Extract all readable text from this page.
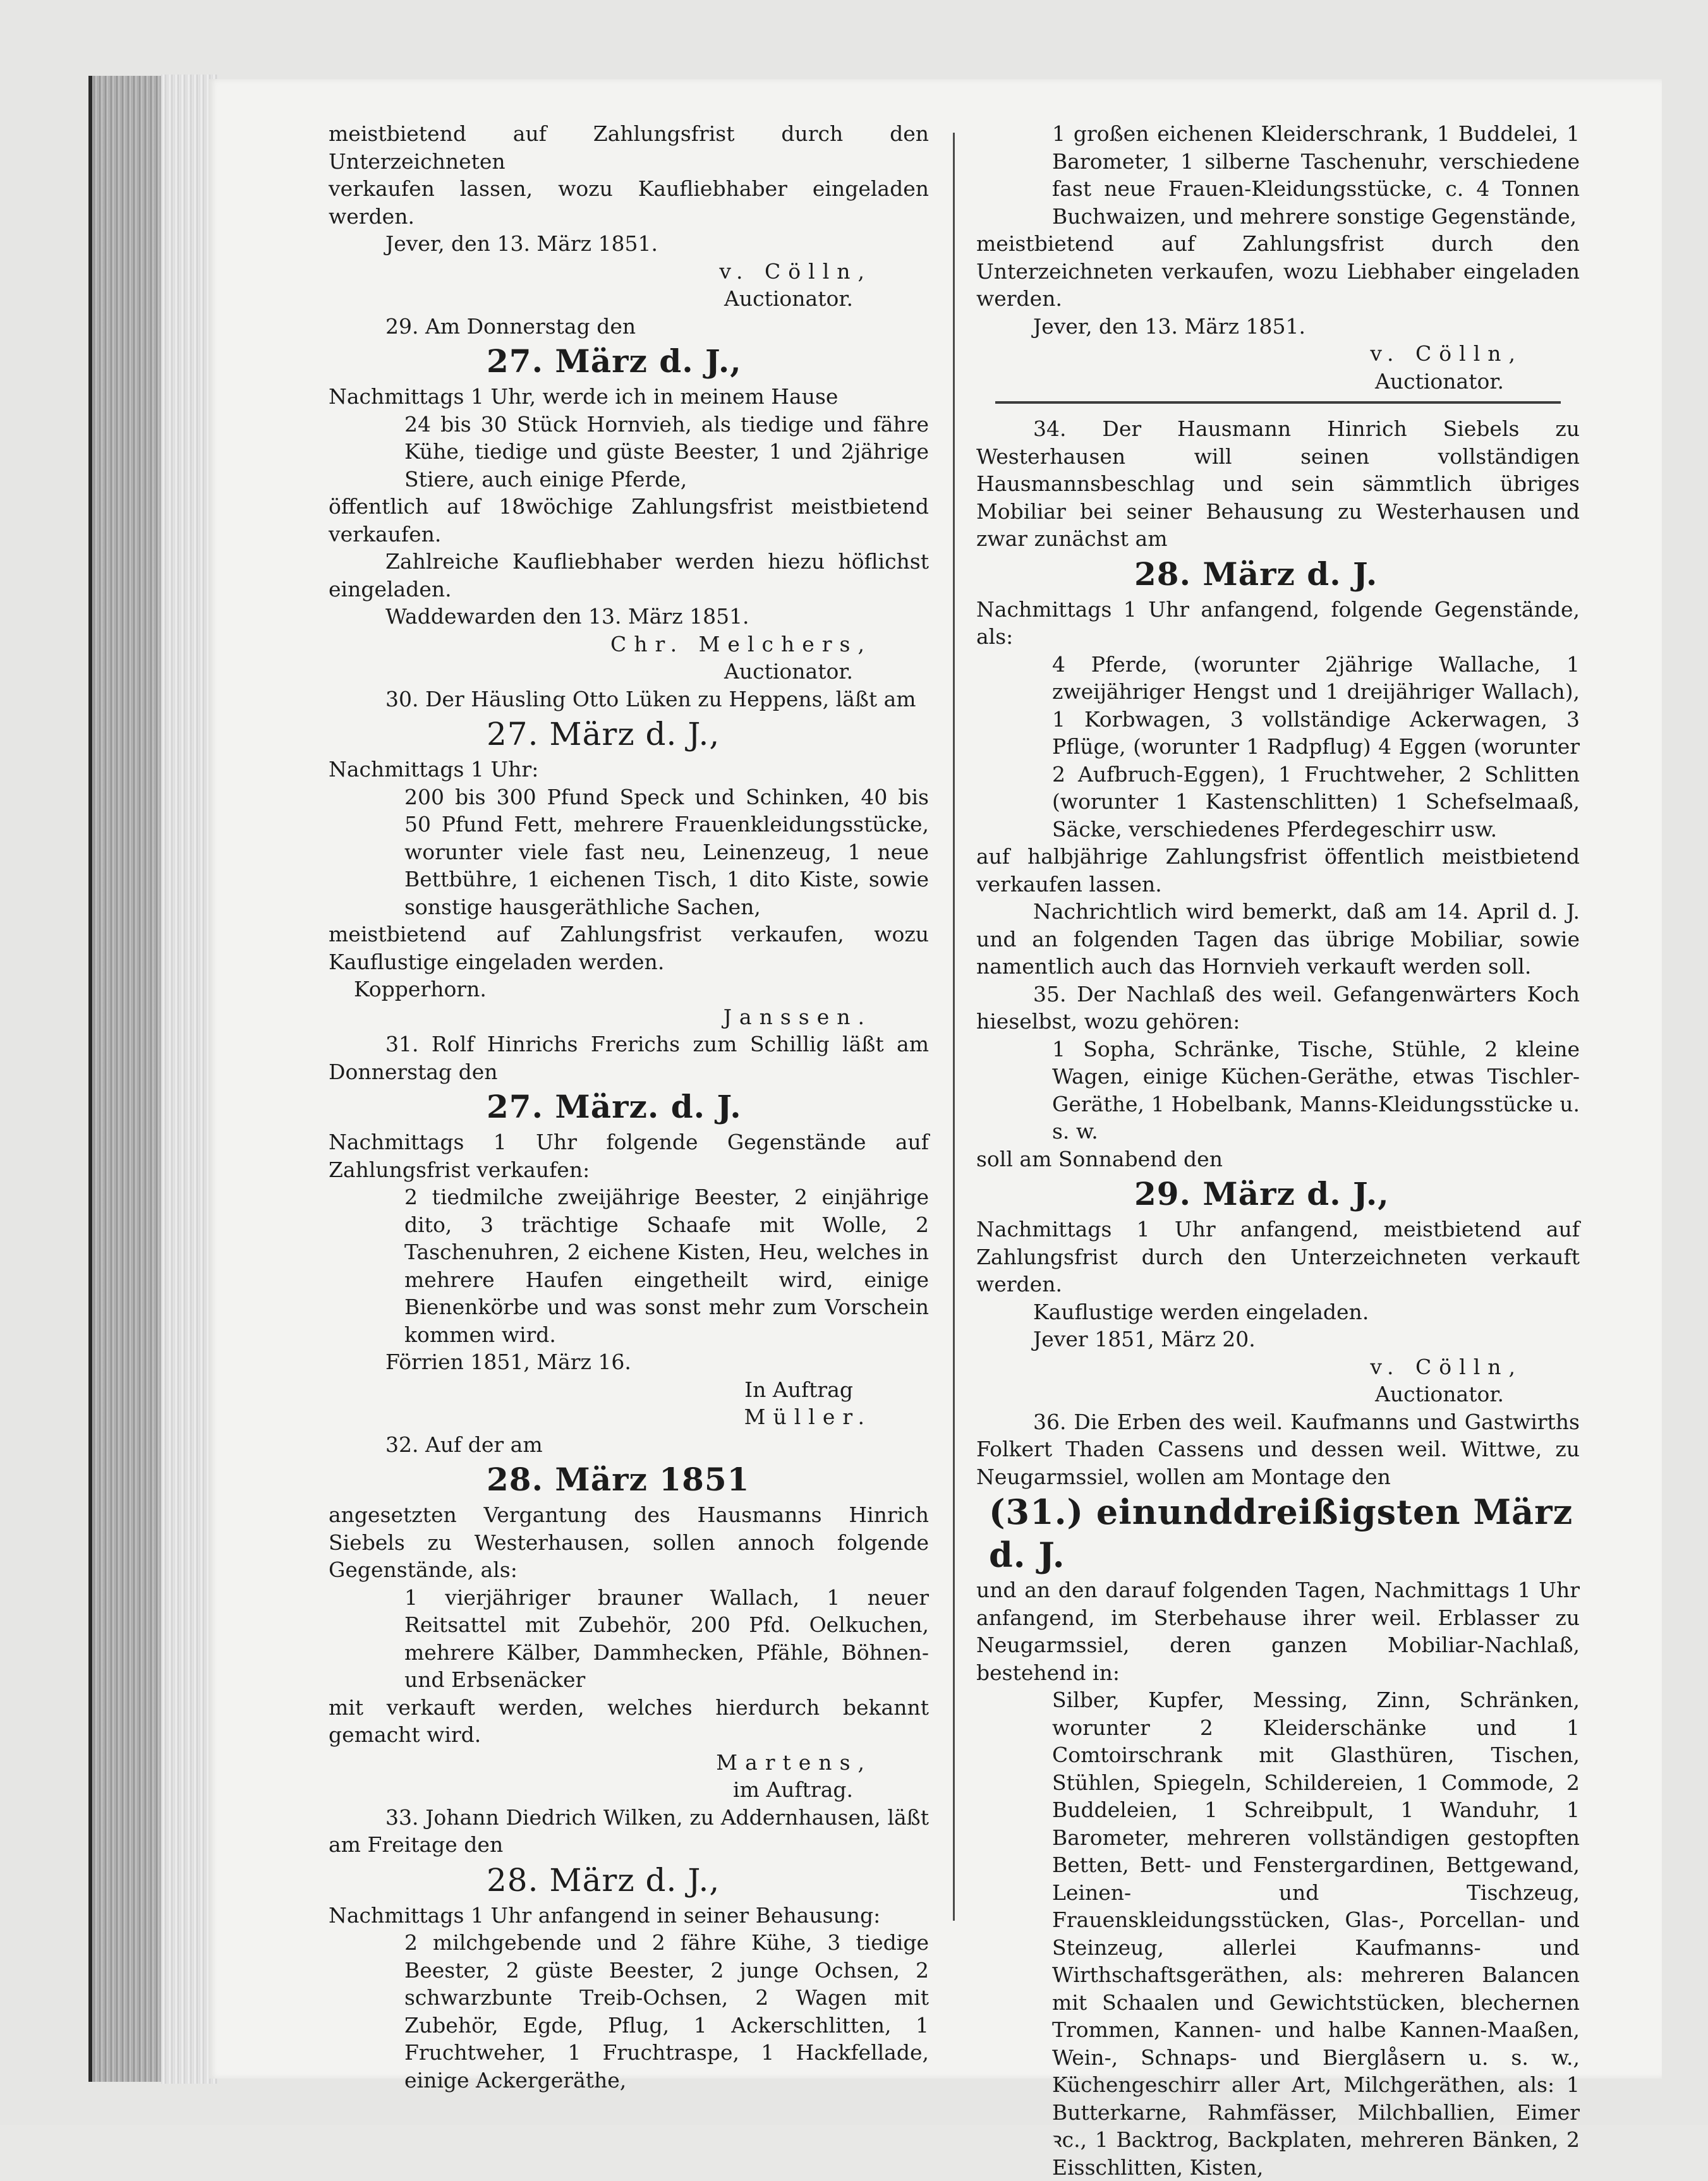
meistbietend auf Zahlungsfrist durch den Unterzeichneten

verkaufen lassen, wozu Kaufliebhaber eingeladen werden.

Jever, den 13. März 1851.

v. Cölln,

Auctionator.

29. Am Donnerstag den

27. März d. J.,

Nachmittags 1 Uhr, werde ich in meinem Hause

24 bis 30 Stück Hornvieh, als tiedige und fähre Kühe, tiedige und güste Beester, 1 und 2jährige Stiere, auch einige Pferde,

öffentlich auf 18wöchige Zahlungsfrist meistbietend verkaufen.

Zahlreiche Kaufliebhaber werden hiezu höflichst eingeladen.

Waddewarden den 13. März 1851.

Chr. Melchers,

Auctionator.

30. Der Häusling Otto Lüken zu Heppens, läßt am

27. März d. J.,

Nachmittags 1 Uhr:

200 bis 300 Pfund Speck und Schinken, 40 bis 50 Pfund Fett, mehrere Frauenkleidungsstücke, worunter viele fast neu, Leinenzeug, 1 neue Bettbühre, 1 eichenen Tisch, 1 dito Kiste, sowie sonstige hausgeräthliche Sachen,

meistbietend auf Zahlungsfrist verkaufen, wozu Kauflustige eingeladen werden.

Kopperhorn.

Janssen.

31. Rolf Hinrichs Frerichs zum Schillig läßt am Donnerstag den

27. März. d. J.

Nachmittags 1 Uhr folgende Gegenstände auf Zahlungsfrist verkaufen:

2 tiedmilche zweijährige Beester, 2 einjährige dito, 3 trächtige Schaafe mit Wolle, 2 Taschenuhren, 2 eichene Kisten, Heu, welches in mehrere Haufen eingetheilt wird, einige Bienenkörbe und was sonst mehr zum Vorschein kommen wird.

Förrien 1851, März 16.

In Auftrag

Müller.

32. Auf der am

28. März 1851

angesetzten Vergantung des Hausmanns Hinrich Siebels zu Westerhausen, sollen annoch folgende Gegenstände, als:

1 vierjähriger brauner Wallach, 1 neuer Reitsattel mit Zubehör, 200 Pfd. Oelkuchen, mehrere Kälber, Dammhecken, Pfähle, Böhnen- und Erbsenäcker

mit verkauft werden, welches hierdurch bekannt gemacht wird.

Martens,

im Auftrag.

33. Johann Diedrich Wilken, zu Addernhausen, läßt am Freitage den

28. März d. J.,

Nachmittags 1 Uhr anfangend in seiner Behausung:

2 milchgebende und 2 fähre Kühe, 3 tiedige Beester, 2 güste Beester, 2 junge Ochsen, 2 schwarzbunte Treib-Ochsen, 2 Wagen mit Zubehör, Egde, Pflug, 1 Ackerschlitten, 1 Fruchtweher, 1 Fruchtraspe, 1 Hackfellade, einige Ackergeräthe,

1 großen eichenen Kleiderschrank, 1 Buddelei, 1 Barometer, 1 silberne Taschenuhr, verschiedene fast neue Frauen-Kleidungsstücke, c. 4 Tonnen Buchwaizen, und mehrere sonstige Gegenstände,

meistbietend auf Zahlungsfrist durch den Unterzeichneten verkaufen, wozu Liebhaber eingeladen werden.

Jever, den 13. März 1851.

v. Cölln,

Auctionator.

34. Der Hausmann Hinrich Siebels zu Westerhausen will seinen vollständigen Hausmannsbeschlag und sein sämmtlich übriges Mobiliar bei seiner Behausung zu Westerhausen und zwar zunächst am

28. März d. J.

Nachmittags 1 Uhr anfangend, folgende Gegenstände, als:

4 Pferde, (worunter 2jährige Wallache, 1 zweijähriger Hengst und 1 dreijähriger Wallach), 1 Korbwagen, 3 vollständige Ackerwagen, 3 Pflüge, (worunter 1 Radpflug) 4 Eggen (worunter 2 Aufbruch-Eggen), 1 Fruchtweher, 2 Schlitten (worunter 1 Kastenschlitten) 1 Schefselmaaß, Säcke, verschiedenes Pferdegeschirr usw.

auf halbjährige Zahlungsfrist öffentlich meistbietend verkaufen lassen.

Nachrichtlich wird bemerkt, daß am 14. April d. J. und an folgenden Tagen das übrige Mobiliar, sowie namentlich auch das Hornvieh verkauft werden soll.

35. Der Nachlaß des weil. Gefangenwärters Koch hieselbst, wozu gehören:

1 Sopha, Schränke, Tische, Stühle, 2 kleine Wagen, einige Küchen-Geräthe, etwas Tischler-Geräthe, 1 Hobelbank, Manns-Kleidungsstücke u. s. w.

soll am Sonnabend den

29. März d. J.,

Nachmittags 1 Uhr anfangend, meistbietend auf Zahlungsfrist durch den Unterzeichneten verkauft werden.

Kauflustige werden eingeladen.

Jever 1851, März 20.

v. Cölln,

Auctionator.

36. Die Erben des weil. Kaufmanns und Gastwirths Folkert Thaden Cassens und dessen weil. Wittwe, zu Neugarmssiel, wollen am Montage den

(31.) einunddreißigsten März d. J.

und an den darauf folgenden Tagen, Nachmittags 1 Uhr anfangend, im Sterbehause ihrer weil. Erblasser zu Neugarmssiel, deren ganzen Mobiliar-Nachlaß, bestehend in:

Silber, Kupfer, Messing, Zinn, Schränken, worunter 2 Kleiderschänke und 1 Comtoirschrank mit Glasthüren, Tischen, Stühlen, Spiegeln, Schildereien, 1 Commode, 2 Buddeleien, 1 Schreibpult, 1 Wanduhr, 1 Barometer, mehreren vollständigen gestopften Betten, Bett- und Fenstergardinen, Bettgewand, Leinen- und Tischzeug, Frauenskleidungsstücken, Glas-, Porcellan- und Steinzeug, allerlei Kaufmanns- und Wirthschaftsgeräthen, als: mehreren Balancen mit Schaalen und Gewichtstücken, blechernen Trommen, Kannen- und halbe Kannen-Maaßen, Wein-, Schnaps- und Bierglåsern u. s. w., Küchengeschirr aller Art, Milchgeräthen, als: 1 Butterkarne, Rahmfässer, Milchballien, Eimer ꝛc., 1 Backtrog, Backplaten, mehreren Bänken, 2 Eisschlitten, Kisten,
